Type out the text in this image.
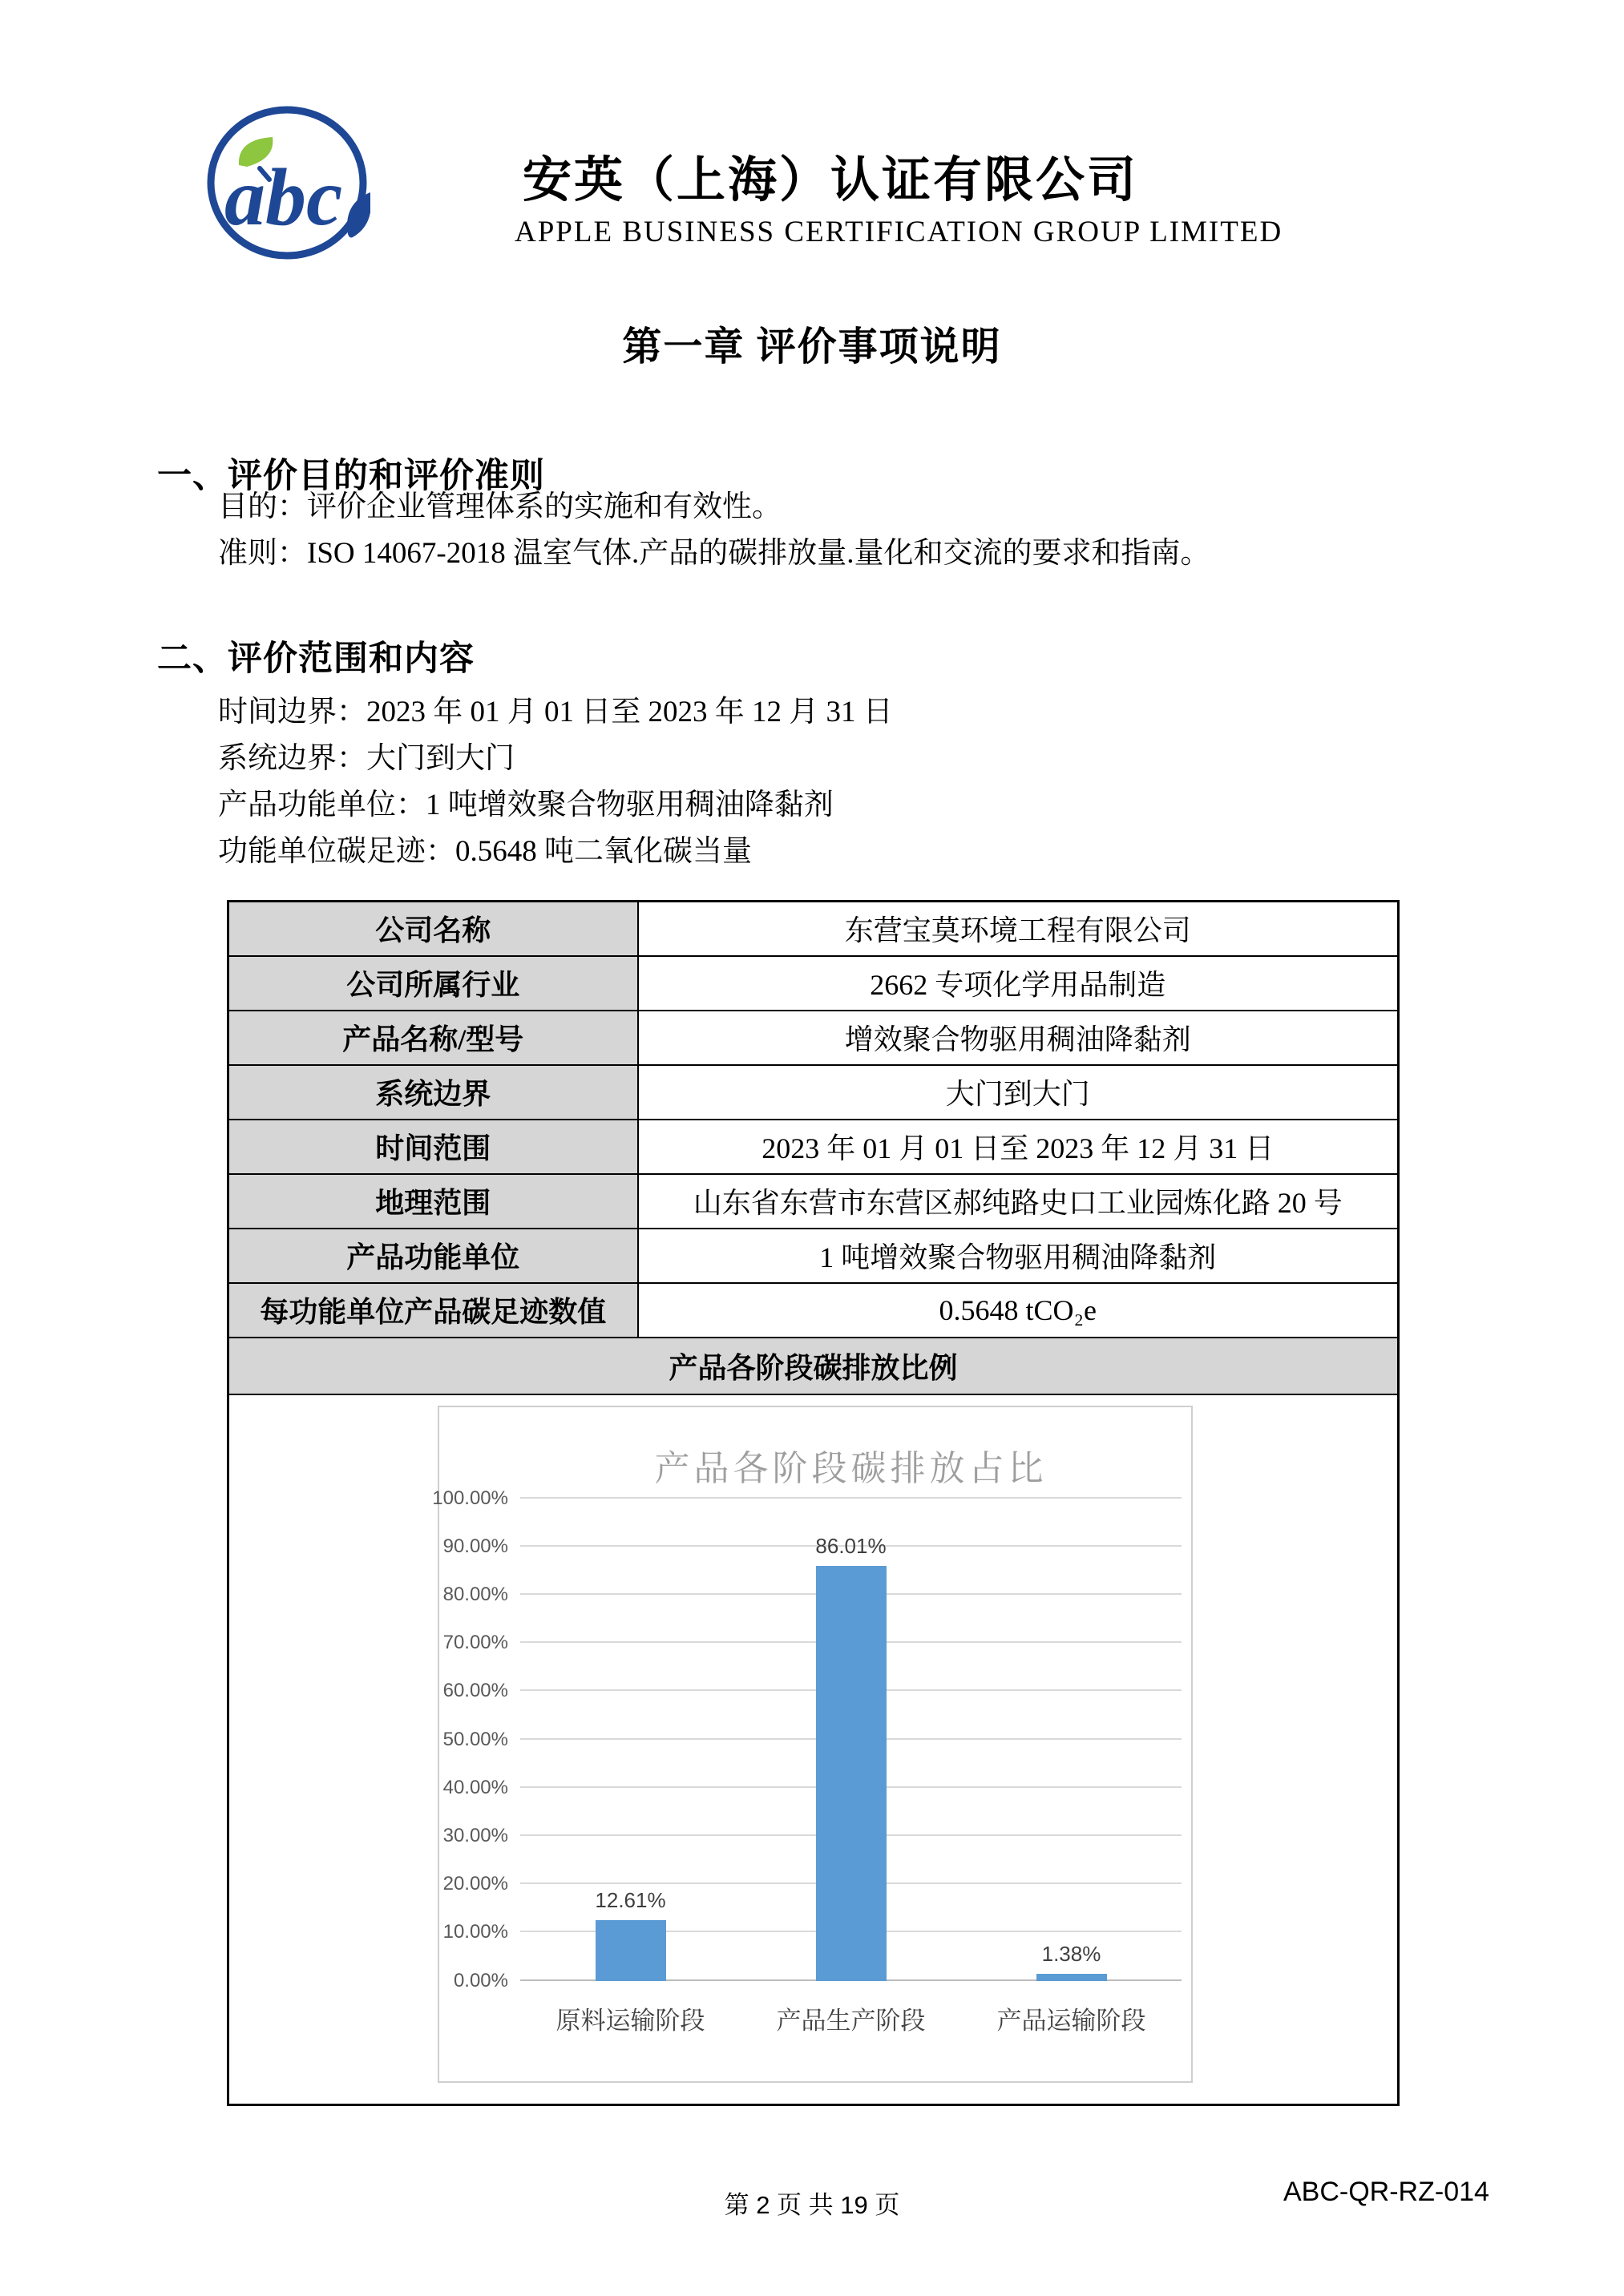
abc	安英（上海）认证有限公司
APPLE BUSINESS CERTIFICATION GROUP LIMITED
第一章 评价事项说明
一、评价目的和评价准则
目的：评价企业管理体系的实施和有效性。
准则：ISO 14067-2018 温室气体.产品的碳排放量.量化和交流的要求和指南。
二、评价范围和内容
时间边界：2023 年 01 月 01 日至 2023 年 12 月 31 日
系统边界：大门到大门
产品功能单位：1 吨增效聚合物驱用稠油降黏剂
功能单位碳足迹：0.5648 吨二氧化碳当量
公司名称	东营宝莫环境工程有限公司
公司所属行业	2662 专项化学用品制造
产品名称/型号	增效聚合物驱用稠油降黏剂
系统边界	大门到大门
时间范围	2023 年 01 月 01 日至 2023 年 12 月 31 日
地理范围	山东省东营市东营区郝纯路史口工业园炼化路 20 号
产品功能单位	1 吨增效聚合物驱用稠油降黏剂
每功能单位产品碳足迹数值	0.5648 tCO₂e
产品各阶段碳排放比例	

产品各阶段碳排放占比
0.00%
10.00%
20.00%
30.00%
40.00%
50.00%
60.00%
70.00%
80.00%
90.00%
100.00%
12.61%
86.01%
1.38%
原料运输阶段	产品生产阶段	产品运输阶段
第 2 页 共 19 页	ABC-QR-RZ-014
